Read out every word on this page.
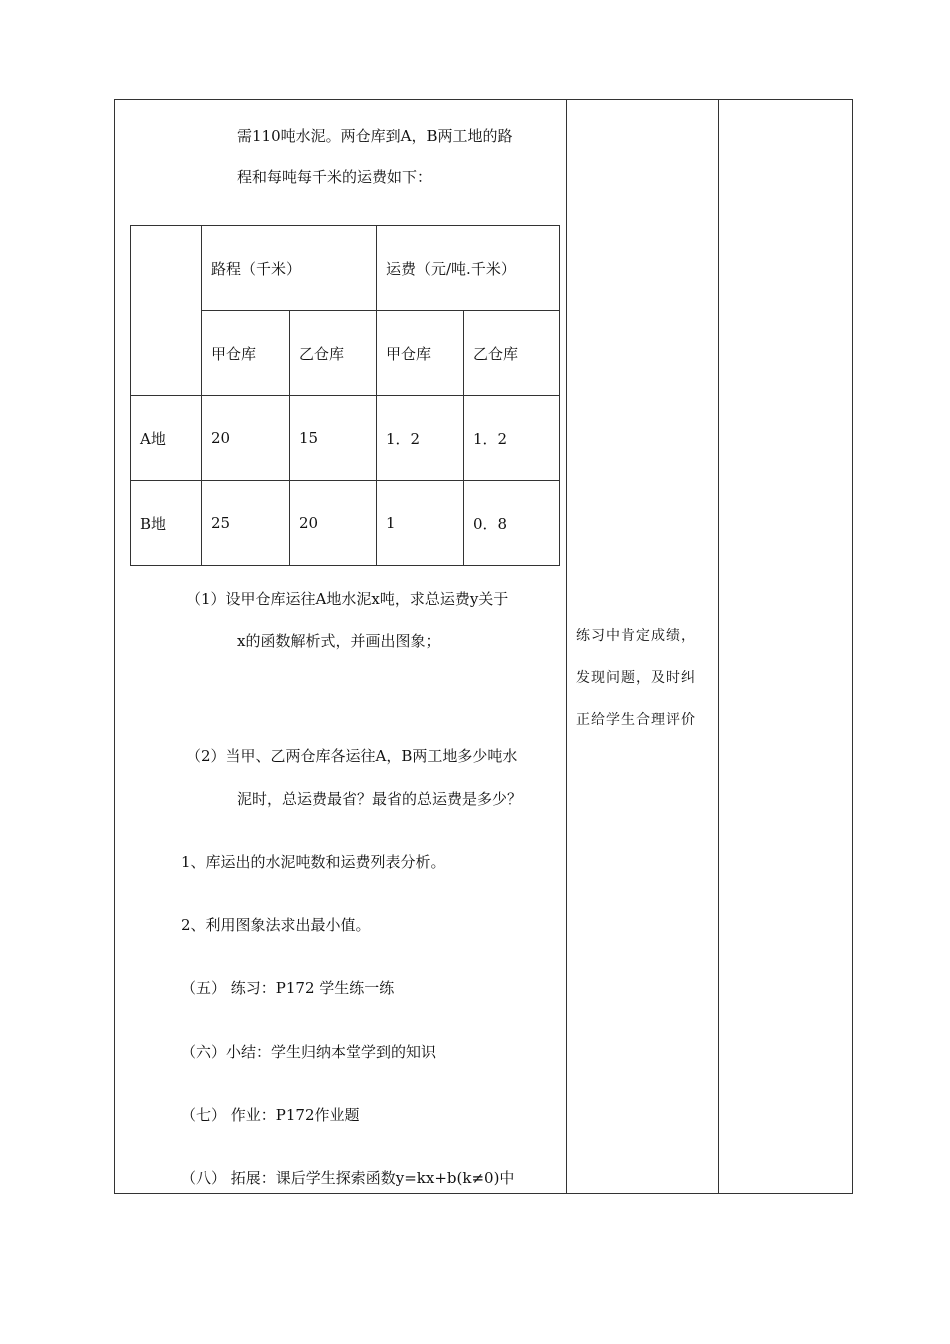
需110吨水泥。两仓库到A，B两工地的路
程和每吨每千米的运费如下：
	路程（千米）		运费（元/吨.千米）	
	甲仓库	乙仓库	甲仓库	乙仓库
A地	20	15	1．2	1．2
B地	25	20	1	0．8
（1）设甲仓库运往A地水泥x吨，求总运费y关于
x的函数解析式，并画出图象；
（2）当甲、乙两仓库各运往A，B两工地多少吨水
泥时，总运费最省？最省的总运费是多少？
1、库运出的水泥吨数和运费列表分析。
2、利用图象法求出最小值。
（五） 练习：P172 学生练一练
（六）小结：学生归纳本堂学到的知识
（七） 作业：P172作业题
（八） 拓展：课后学生探索函数y=kx+b(k≠0)中
练习中肯定成绩，
发现问题，及时纠
正给学生合理评价
